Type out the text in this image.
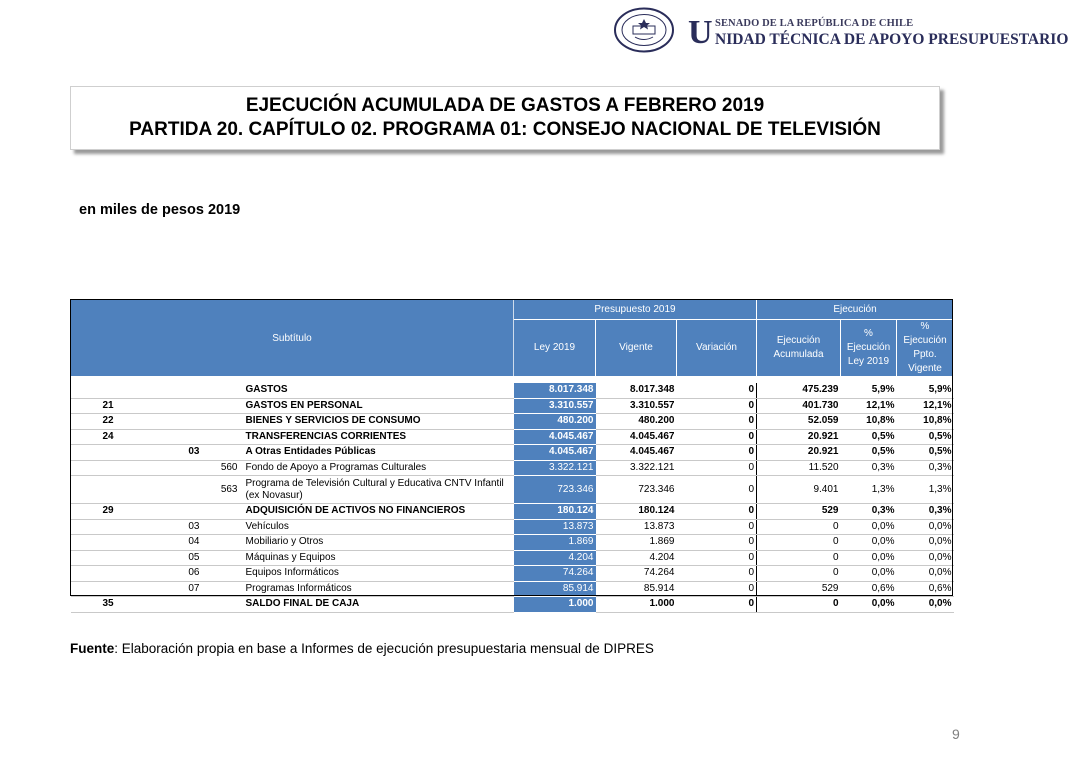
U SENADO DE LA REPÚBLICA DE CHILE
NIDAD TÉCNICA DE APOYO PRESUPUESTARIO
EJECUCIÓN ACUMULADA DE GASTOS A FEBRERO 2019
PARTIDA 20. CAPÍTULO 02. PROGRAMA 01: CONSEJO NACIONAL DE TELEVISIÓN
en miles de pesos 2019
Subtítulo				Presupuesto 2019			Ejecución		
				Ley 2019	Vigente	Variación	Ejecución Acumulada	% Ejecución Ley 2019	% Ejecución Ppto. Vigente

			GASTOS	8.017.348	8.017.348	0	475.239	5,9%	5,9%
21			GASTOS EN PERSONAL	3.310.557	3.310.557	0	401.730	12,1%	12,1%
22			BIENES Y SERVICIOS DE CONSUMO	480.200	480.200	0	52.059	10,8%	10,8%
24			TRANSFERENCIAS CORRIENTES	4.045.467	4.045.467	0	20.921	0,5%	0,5%
	03		A Otras Entidades Públicas	4.045.467	4.045.467	0	20.921	0,5%	0,5%
		560	Fondo de Apoyo a Programas Culturales	3.322.121	3.322.121	0	11.520	0,3%	0,3%
		563	Programa de Televisión Cultural y Educativa CNTV Infantil (ex Novasur)	723.346	723.346	0	9.401	1,3%	1,3%
29			ADQUISICIÓN DE ACTIVOS NO FINANCIEROS	180.124	180.124	0	529	0,3%	0,3%
	03		Vehículos	13.873	13.873	0	0	0,0%	0,0%
	04		Mobiliario y Otros	1.869	1.869	0	0	0,0%	0,0%
	05		Máquinas y Equipos	4.204	4.204	0	0	0,0%	0,0%
	06		Equipos Informáticos	74.264	74.264	0	0	0,0%	0,0%
	07		Programas Informáticos	85.914	85.914	0	529	0,6%	0,6%
35			SALDO FINAL DE CAJA	1.000	1.000	0	0	0,0%	0,0%
Fuente: Elaboración propia en base a Informes de ejecución presupuestaria mensual de DIPRES
9
